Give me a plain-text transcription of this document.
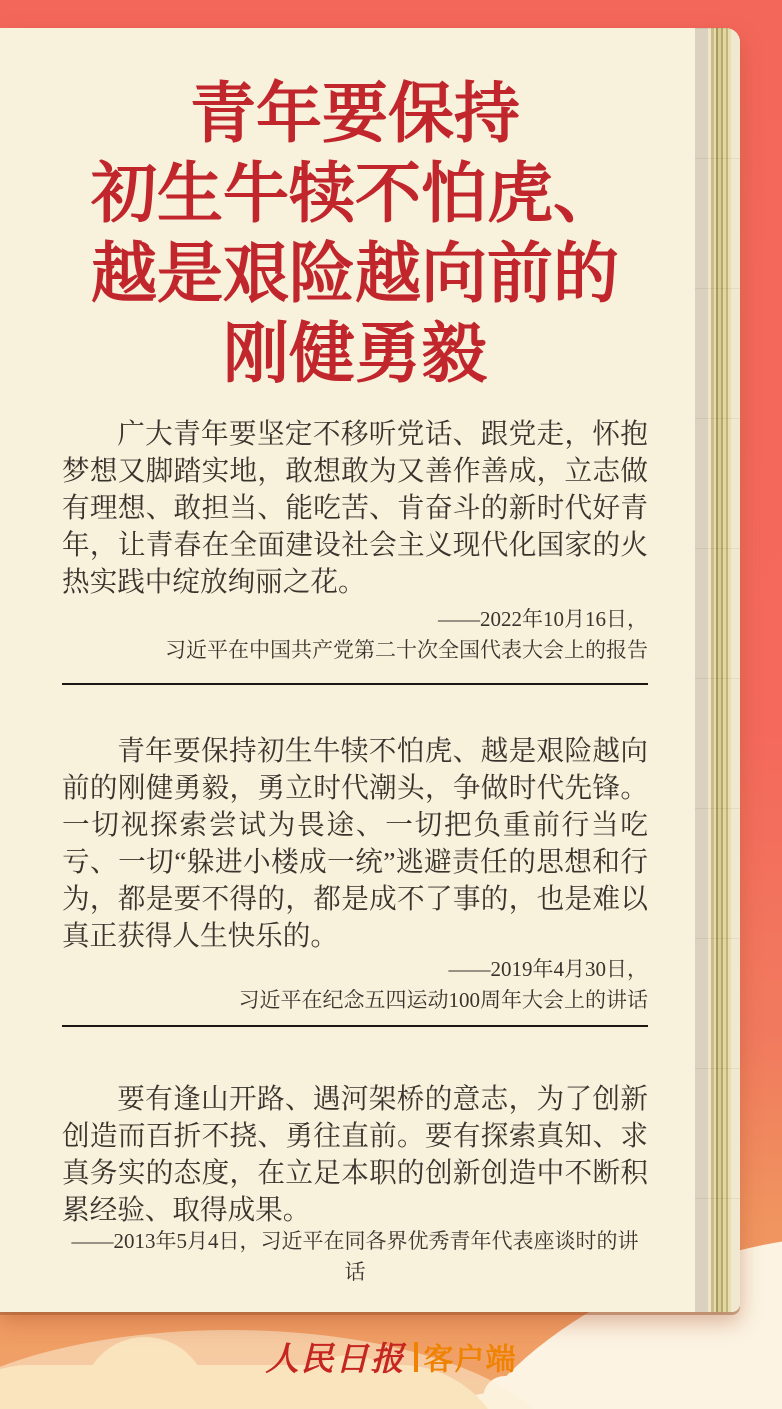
青年要保持
初生牛犊不怕虎、
越是艰险越向前的
刚健勇毅

广大青年要坚定不移听党话、跟党走，怀抱梦想又脚踏实地，敢想敢为又善作善成，立志做有理想、敢担当、能吃苦、肯奋斗的新时代好青年，让青春在全面建设社会主义现代化国家的火热实践中绽放绚丽之花。

——2022年10月16日，
习近平在中国共产党第二十次全国代表大会上的报告

青年要保持初生牛犊不怕虎、越是艰险越向前的刚健勇毅，勇立时代潮头，争做时代先锋。一切视探索尝试为畏途、一切把负重前行当吃亏、一切“躲进小楼成一统”逃避责任的思想和行为，都是要不得的，都是成不了事的，也是难以真正获得人生快乐的。

——2019年4月30日，
习近平在纪念五四运动100周年大会上的讲话

要有逢山开路、遇河架桥的意志，为了创新创造而百折不挠、勇往直前。要有探索真知、求真务实的态度，在立足本职的创新创造中不断积累经验、取得成果。

——2013年5月4日，习近平在同各界优秀青年代表座谈时的讲话
人民日报 客户端
